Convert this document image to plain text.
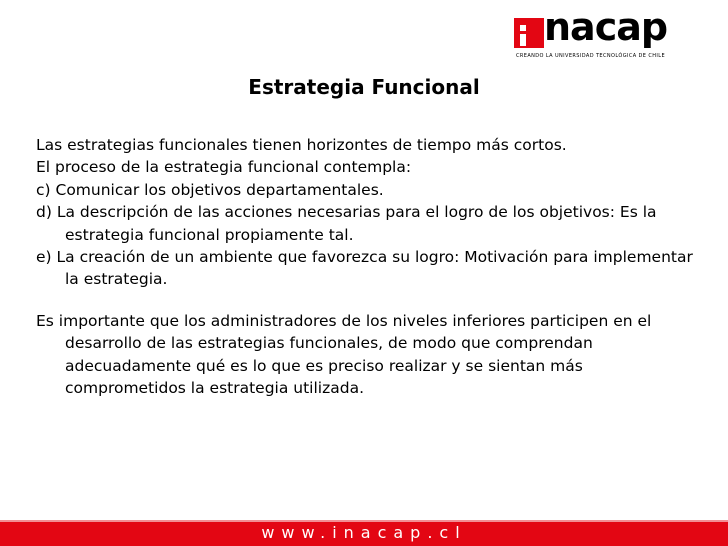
nacap
CREANDO LA UNIVERSIDAD TECNOLÓGICA DE CHILE
Estrategia Funcional

Las estrategias funcionales tienen horizontes de tiempo más cortos.

El proceso de la estrategia funcional contempla:

c) Comunicar los objetivos departamentales.

d) La descripción de las acciones necesarias para el logro de los objetivos: Es la estrategia funcional propiamente tal.

e) La creación de un ambiente que favorezca su logro: Motivación para implementar la estrategia.

Es importante que los administradores de los niveles inferiores participen en el desarrollo de las estrategias funcionales, de modo que comprendan adecuadamente qué es lo que es preciso realizar y se sientan más comprometidos la estrategia utilizada.

www.inacap.cl
